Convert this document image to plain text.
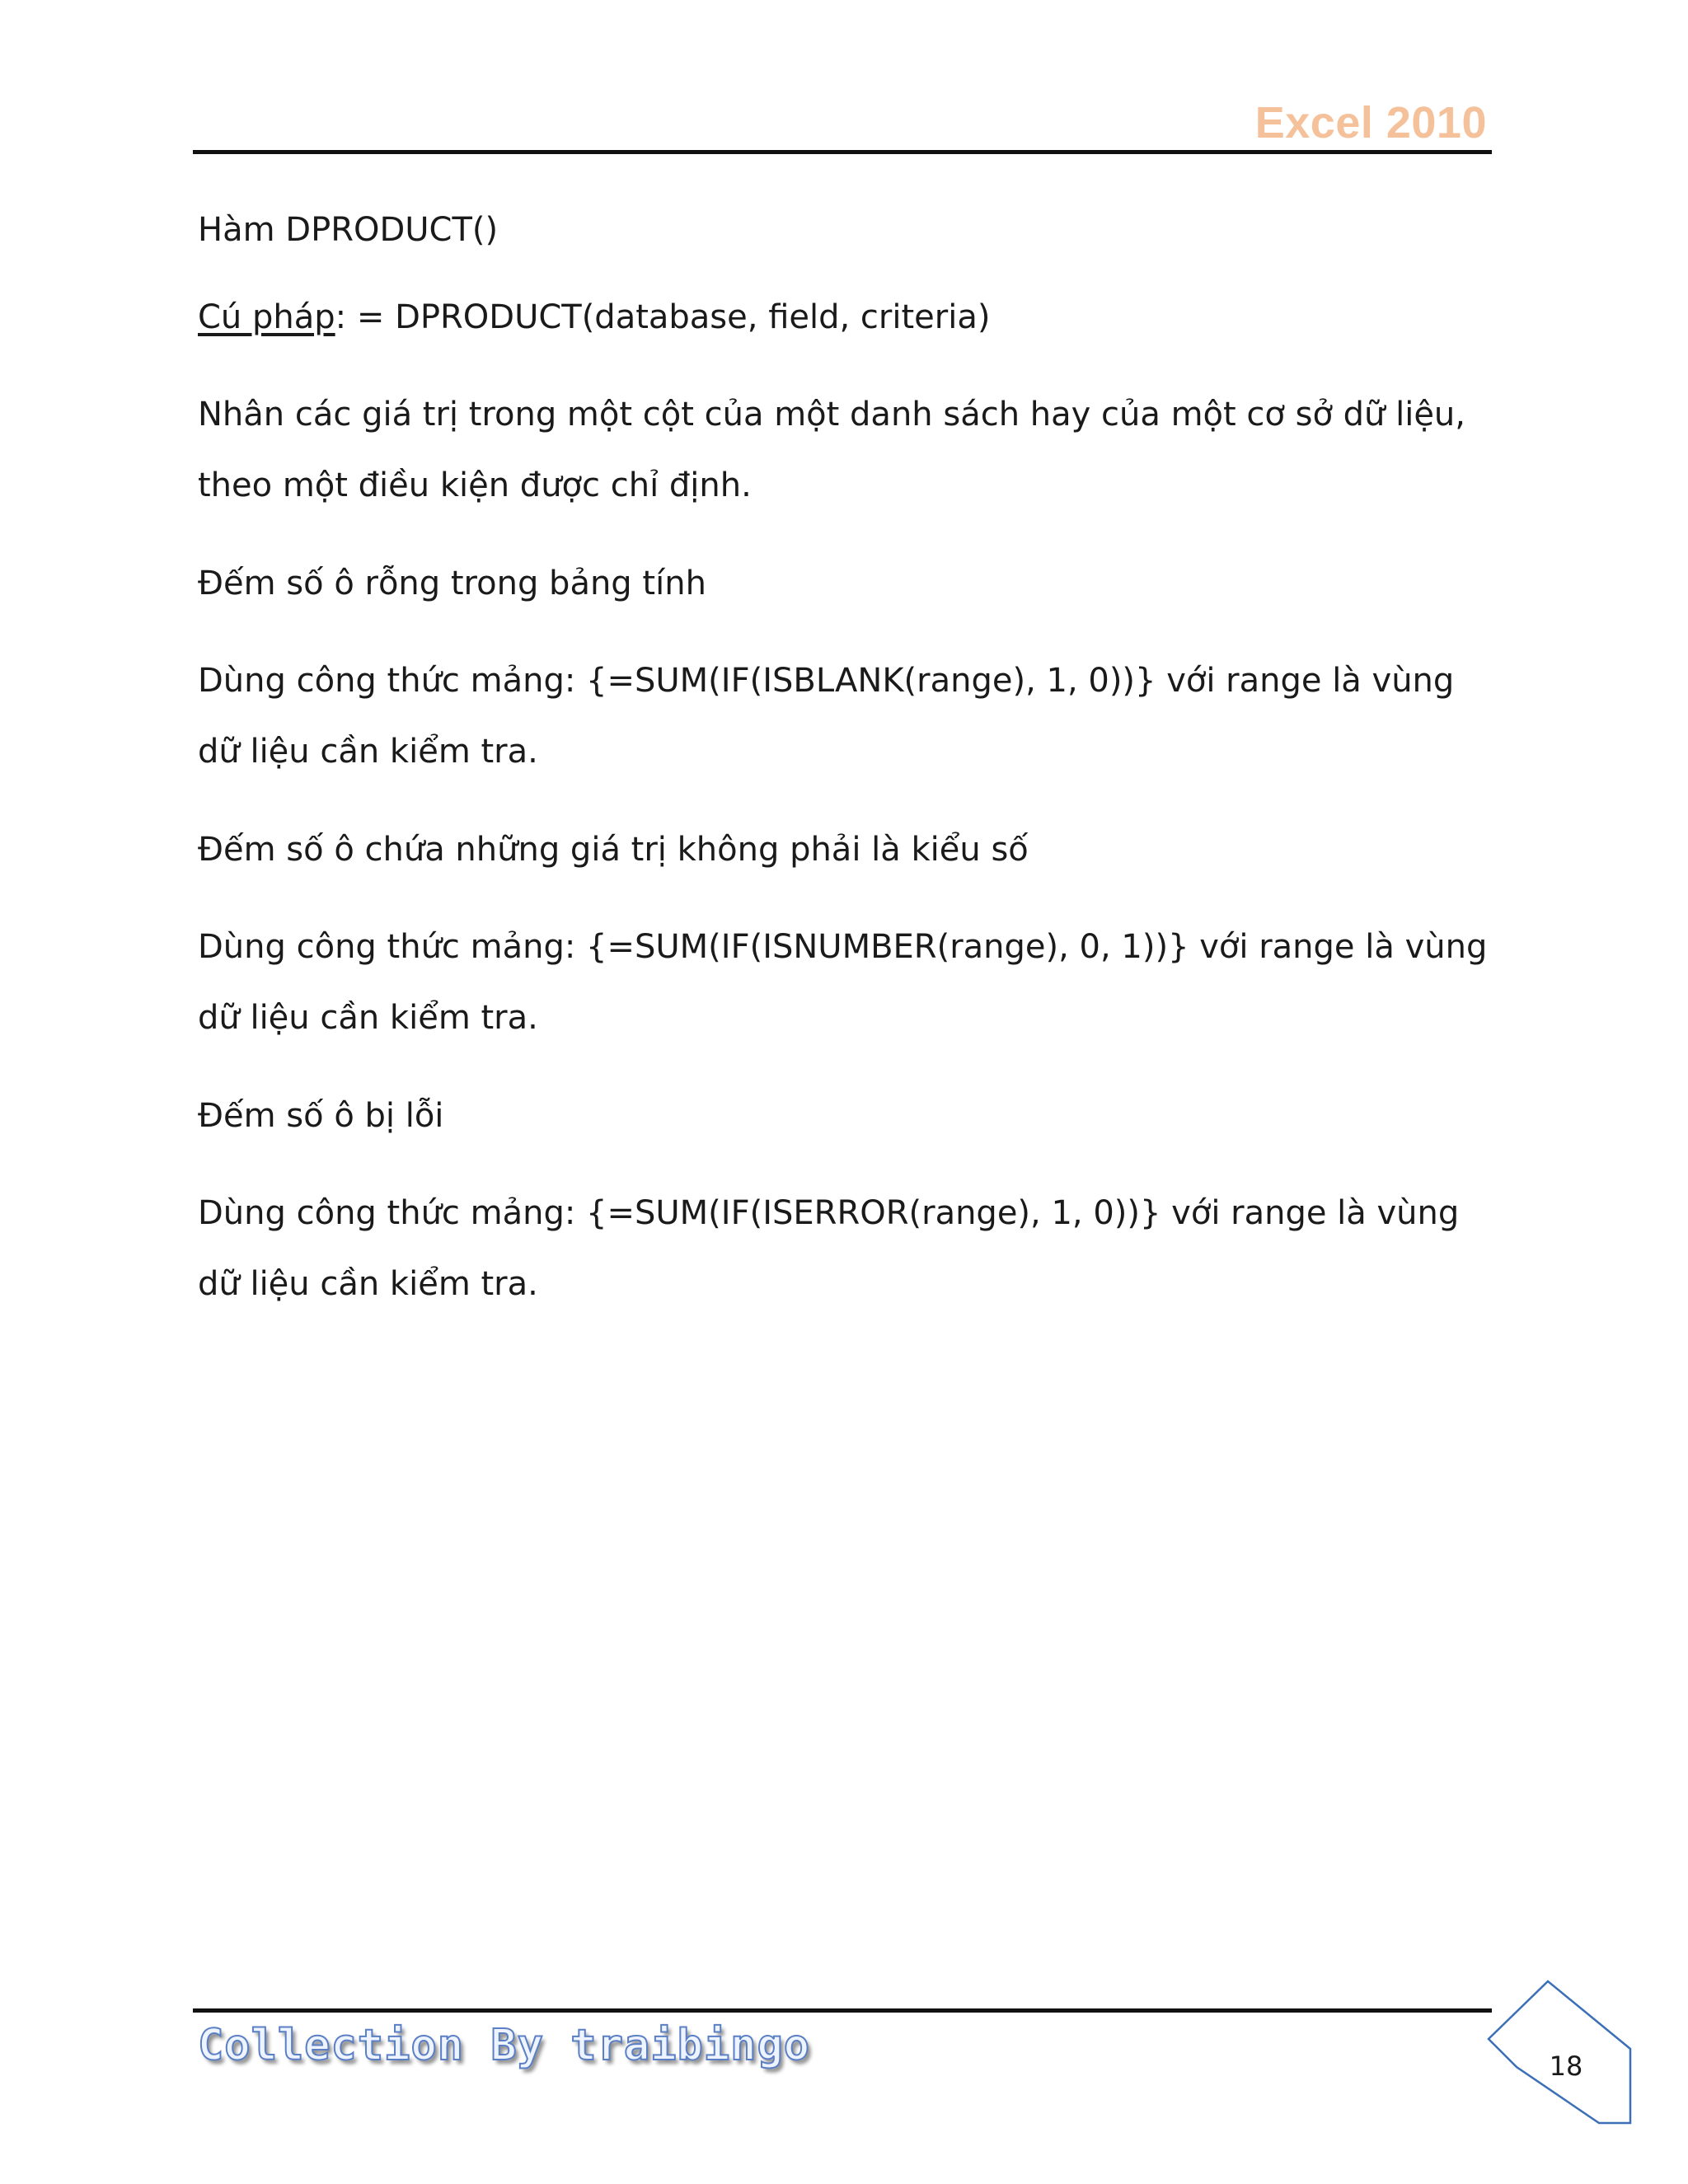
Excel 2010

Hàm DPRODUCT()

Cú pháp: = DPRODUCT(database, field, criteria)

Nhân các giá trị trong một cột của một danh sách hay của một cơ sở dữ liệu, theo một điều kiện được chỉ định.

Đếm số ô rỗng trong bảng tính

Dùng công thức mảng: {=SUM(IF(ISBLANK(range), 1, 0))} với range là vùng dữ liệu cần kiểm tra.

Đếm số ô chứa những giá trị không phải là kiểu số

Dùng công thức mảng: {=SUM(IF(ISNUMBER(range), 0, 1))} với range là vùng dữ liệu cần kiểm tra.

Đếm số ô bị lỗi

Dùng công thức mảng: {=SUM(IF(ISERROR(range), 1, 0))} với range là vùng dữ liệu cần kiểm tra.

Collection By traibingo	18
